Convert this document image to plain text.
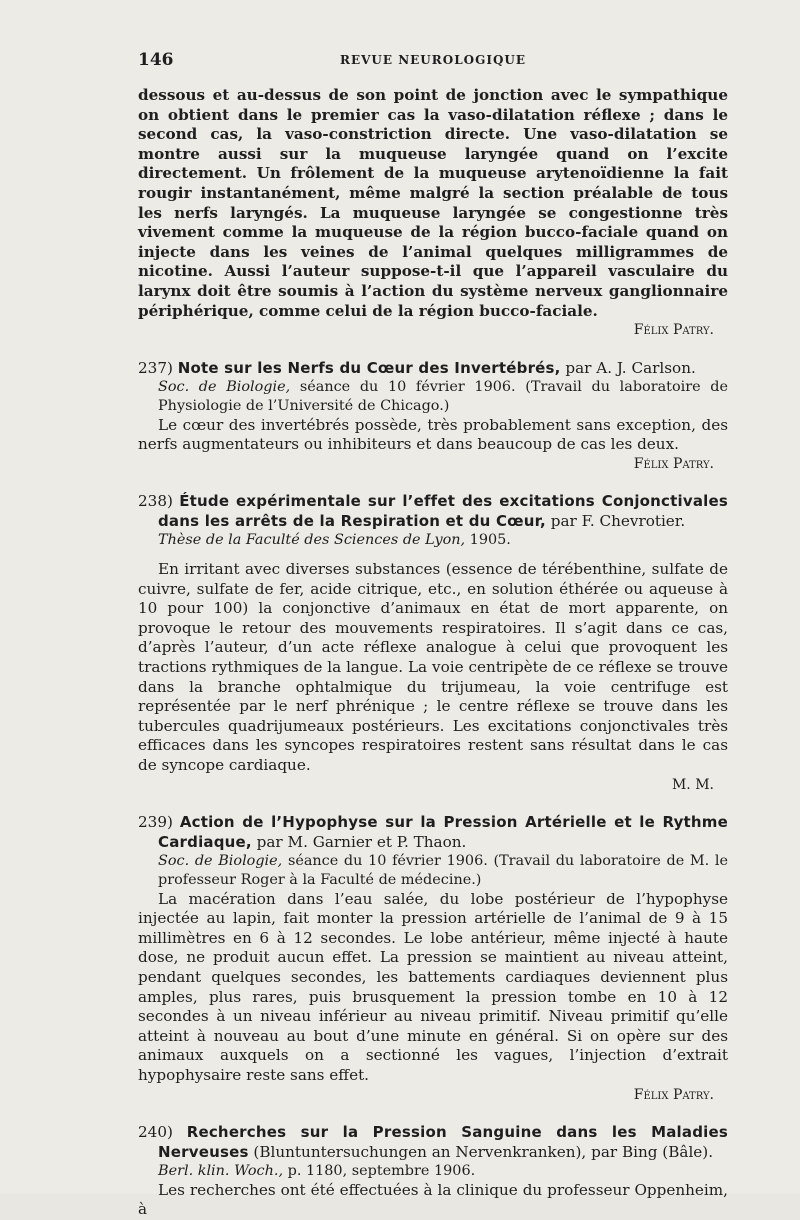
146	REVUE NEUROLOGIQUE

dessous et au-dessus de son point de jonction avec le sympathique on obtient dans le premier cas la vaso-dilatation réflexe ; dans le second cas, la vaso-constriction directe. Une vaso-dilatation se montre aussi sur la muqueuse laryngée quand on l’excite directement. Un frôlement de la muqueuse arytenoïdienne la fait rougir instantanément, même malgré la section préalable de tous les nerfs laryngés. La muqueuse laryngée se congestionne très vivement comme la muqueuse de la région bucco-faciale quand on injecte dans les veines de l’animal quelques milligrammes de nicotine. Aussi l’auteur suppose-t-il que l’appareil vasculaire du larynx doit être soumis à l’action du système nerveux ganglionnaire périphérique, comme celui de la région bucco-faciale.

Félix Patry.

237) Note sur les Nerfs du Cœur des Invertébrés, par A. J. Carlson.

Soc. de Biologie, séance du 10 février 1906. (Travail du laboratoire de Physiologie de l’Université de Chicago.)

Le cœur des invertébrés possède, très probablement sans exception, des nerfs augmentateurs ou inhibiteurs et dans beaucoup de cas les deux.

Félix Patry.

238) Étude expérimentale sur l’effet des excitations Conjonctivales dans les arrêts de la Respiration et du Cœur, par F. Chevrotier.

Thèse de la Faculté des Sciences de Lyon, 1905.

En irritant avec diverses substances (essence de térébenthine, sulfate de cuivre, sulfate de fer, acide citrique, etc., en solution éthérée ou aqueuse à 10 pour 100) la conjonctive d’animaux en état de mort apparente, on provoque le retour des mouvements respiratoires. Il s’agit dans ce cas, d’après l’auteur, d’un acte réflexe analogue à celui que provoquent les tractions rythmiques de la langue. La voie centripète de ce réflexe se trouve dans la branche ophtalmique du trijumeau, la voie centrifuge est représentée par le nerf phrénique ; le centre réflexe se trouve dans les tubercules quadrijumeaux postérieurs. Les excitations conjonctivales très efficaces dans les syncopes respiratoires restent sans résultat dans le cas de syncope cardiaque.

M. M.

239) Action de l’Hypophyse sur la Pression Artérielle et le Rythme Cardiaque, par M. Garnier et P. Thaon.

Soc. de Biologie, séance du 10 février 1906. (Travail du laboratoire de M. le professeur Roger à la Faculté de médecine.)

La macération dans l’eau salée, du lobe postérieur de l’hypophyse injectée au lapin, fait monter la pression artérielle de l’animal de 9 à 15 millimètres en 6 à 12 secondes. Le lobe antérieur, même injecté à haute dose, ne produit aucun effet. La pression se maintient au niveau atteint, pendant quelques secondes, les battements cardiaques deviennent plus amples, plus rares, puis brusquement la pression tombe en 10 à 12 secondes à un niveau inférieur au niveau primitif. Niveau primitif qu’elle atteint à nouveau au bout d’une minute en général. Si on opère sur des animaux auxquels on a sectionné les vagues, l’injection d’extrait hypophysaire reste sans effet.

Félix Patry.

240) Recherches sur la Pression Sanguine dans les Maladies Nerveuses (Bluntuntersuchungen an Nervenkranken), par Bing (Bâle).

Berl. klin. Woch., p. 1180, septembre 1906.

Les recherches ont été effectuées à la clinique du professeur Oppenheim, à
